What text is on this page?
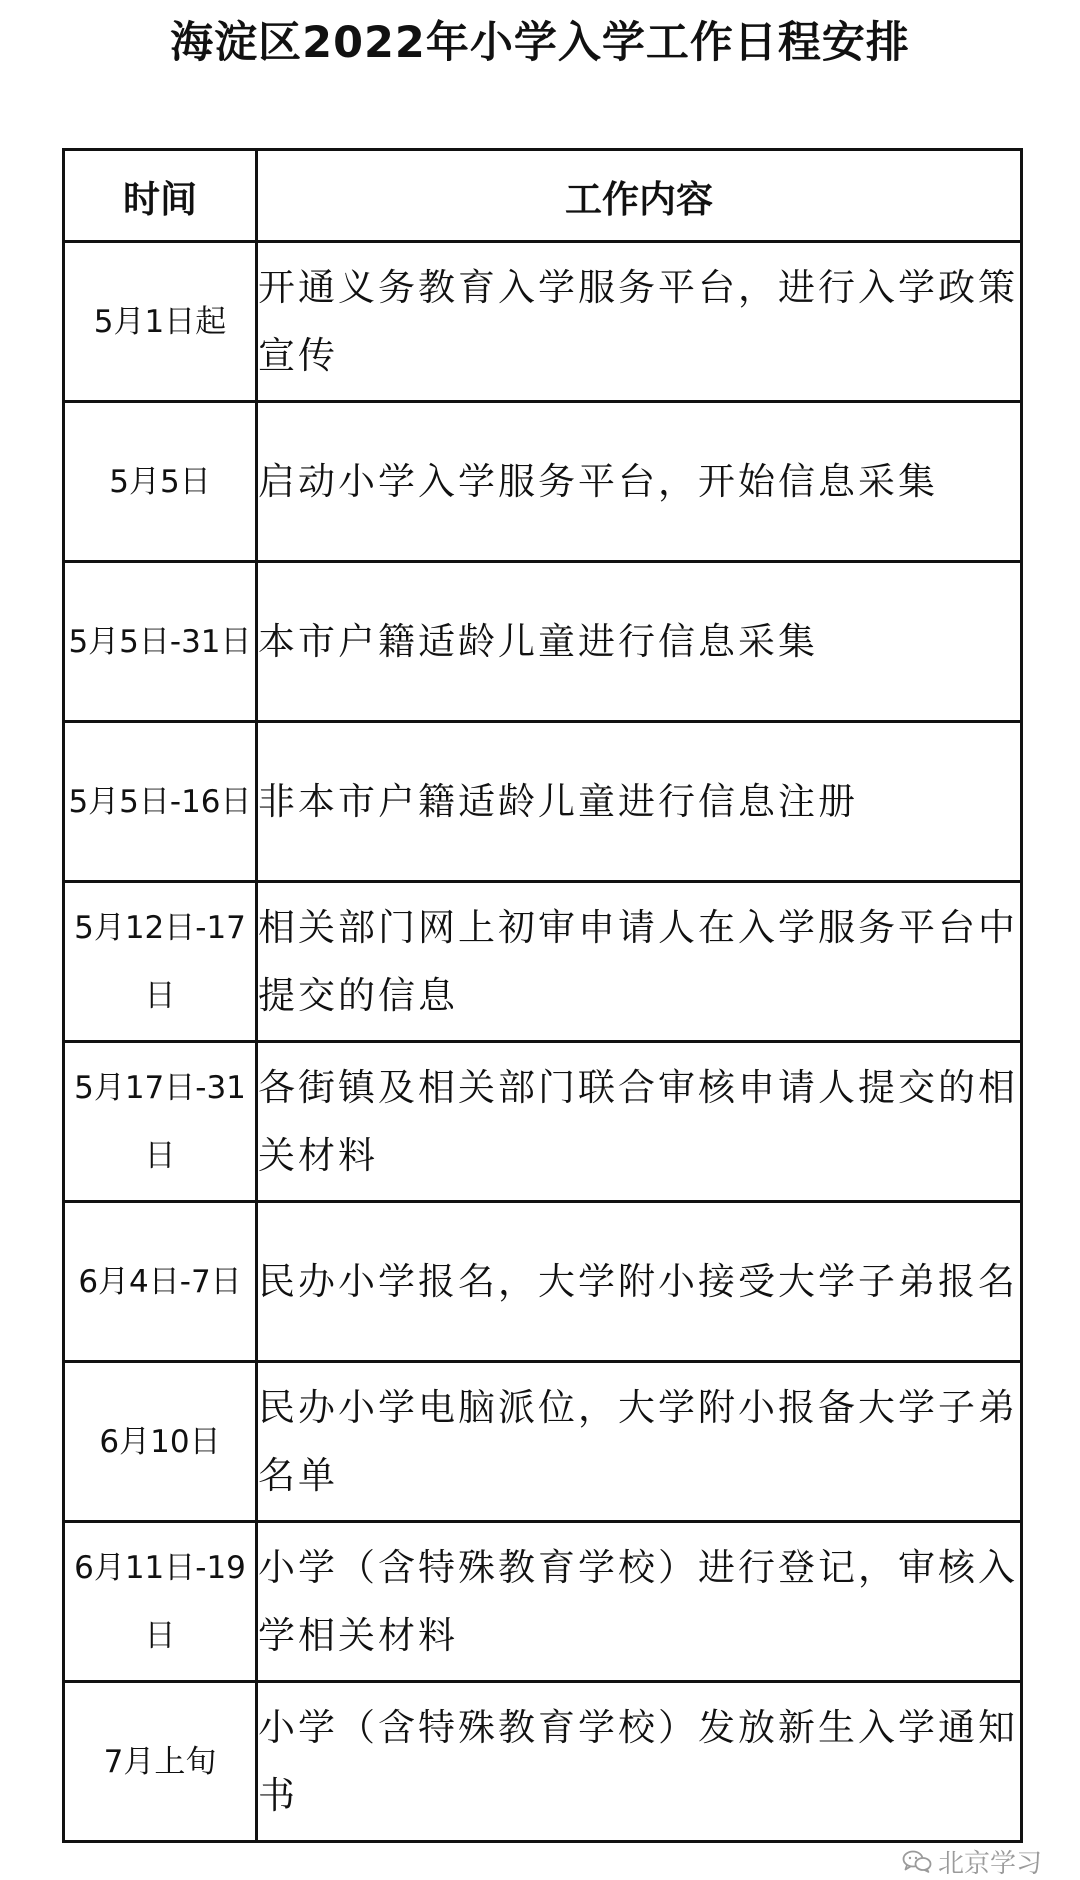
海淀区2022年小学入学工作日程安排
时间	工作内容
5月1日起	开通义务教育入学服务平台，进行入学政策宣传
5月5日	启动小学入学服务平台，开始信息采集
5月5日-31日	本市户籍适龄儿童进行信息采集
5月5日-16日	非本市户籍适龄儿童进行信息注册
5月12日-17日	相关部门网上初审申请人在入学服务平台中提交的信息
5月17日-31日	各街镇及相关部门联合审核申请人提交的相关材料
6月4日-7日	民办小学报名，大学附小接受大学子弟报名
6月10日	民办小学电脑派位，大学附小报备大学子弟名单
6月11日-19日	小学（含特殊教育学校）进行登记，审核入学相关材料
7月上旬	小学（含特殊教育学校）发放新生入学通知书
北京学习
